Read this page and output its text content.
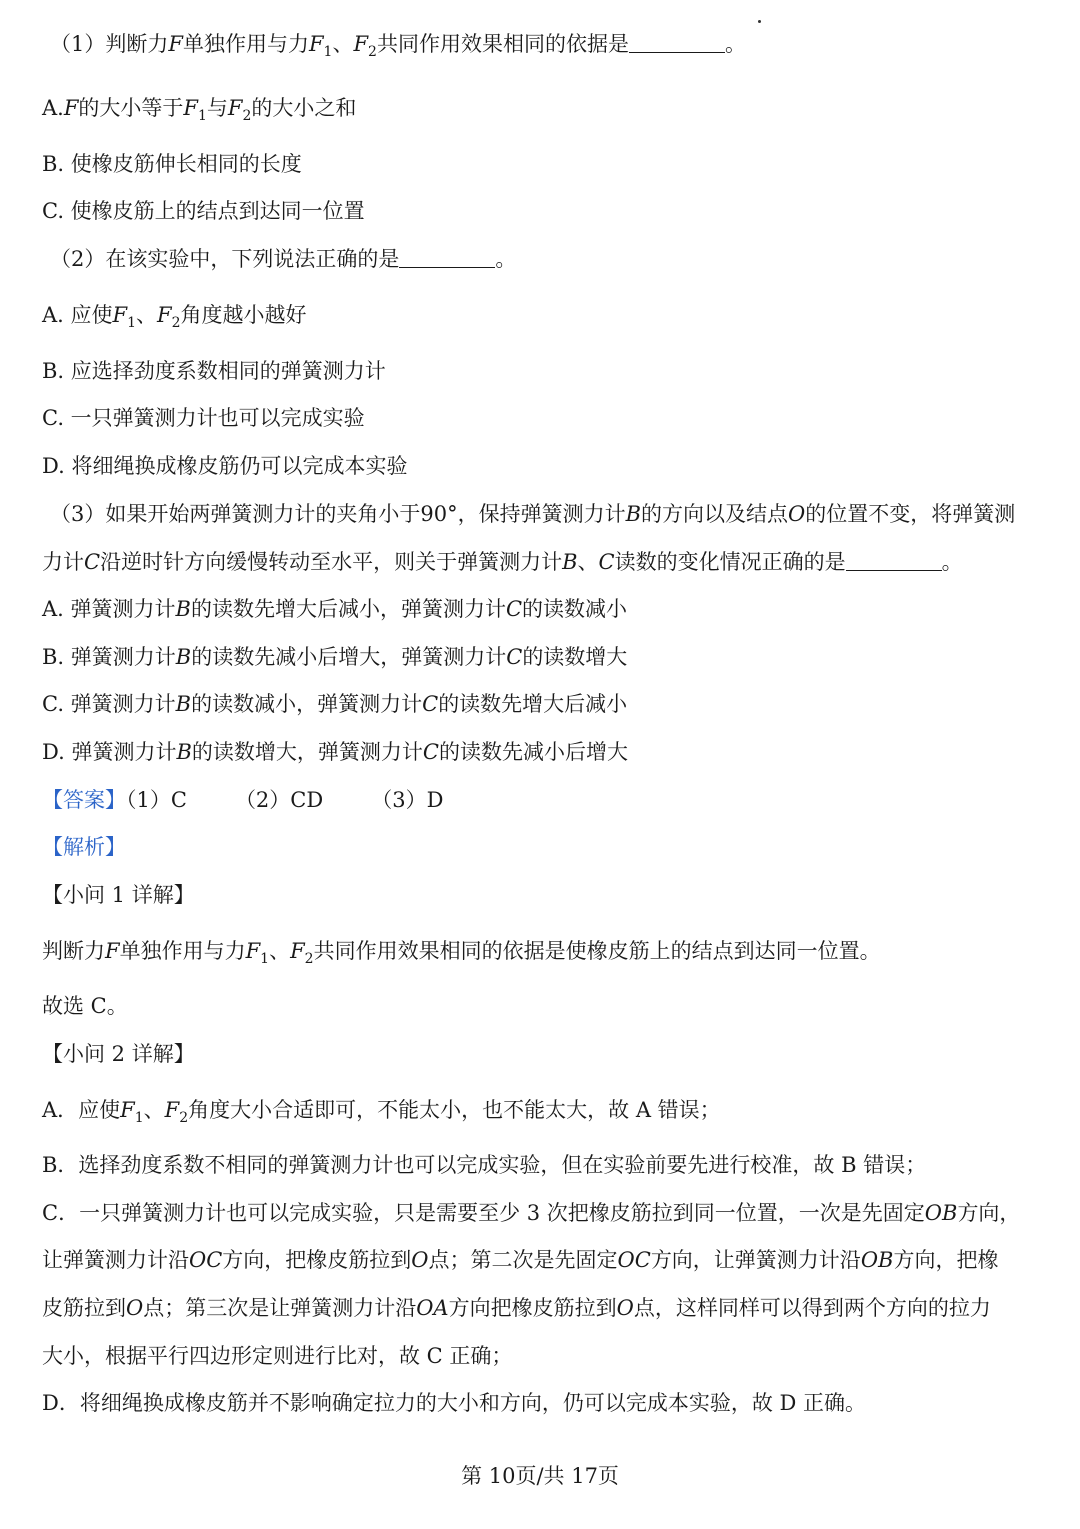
（1）判断力F单独作用与力$F_1$、$F_2$共同作用效果相同的依据是	。
A.F的大小等于$F_1$与$F_2$的大小之和
B. 使橡皮筋伸长相同的长度
C. 使橡皮筋上的结点到达同一位置
（2）在该实验中，下列说法正确的是	。
A. 应使$F_1$、$F_2$角度越小越好
B. 应选择劲度系数相同的弹簧测力计
C. 一只弹簧测力计也可以完成实验
D. 将细绳换成橡皮筋仍可以完成本实验
（3）如果开始两弹簧测力计的夹角小于90°，保持弹簧测力计B的方向以及结点O的位置不变，将弹簧测
力计C沿逆时针方向缓慢转动至水平，则关于弹簧测力计B、C读数的变化情况正确的是	。
A. 弹簧测力计B的读数先增大后减小，弹簧测力计C的读数减小
B. 弹簧测力计B的读数先减小后增大，弹簧测力计C的读数增大
C. 弹簧测力计B的读数减小，弹簧测力计C的读数先增大后减小
D. 弹簧测力计B的读数增大，弹簧测力计C的读数先减小后增大
【答案】（1）C （2）CD （3）D
【解析】
【小问 1 详解】
判断力F单独作用与力$F_1$、$F_2$共同作用效果相同的依据是使橡皮筋上的结点到达同一位置。
故选 C。
【小问 2 详解】
A．应使$F_1$、$F_2$角度大小合适即可，不能太小，也不能太大，故 A 错误；
B．选择劲度系数不相同的弹簧测力计也可以完成实验，但在实验前要先进行校准，故 B 错误；
C．一只弹簧测力计也可以完成实验，只是需要至少 3 次把橡皮筋拉到同一位置，一次是先固定OB方向，
让弹簧测力计沿OC方向，把橡皮筋拉到O点；第二次是先固定OC方向，让弹簧测力计沿OB方向，把橡
皮筋拉到O点；第三次是让弹簧测力计沿OA方向把橡皮筋拉到O点，这样同样可以得到两个方向的拉力
大小，根据平行四边形定则进行比对，故 C 正确；
D．将细绳换成橡皮筋并不影响确定拉力的大小和方向，仍可以完成本实验，故 D 正确。
第 10页/共 17页
